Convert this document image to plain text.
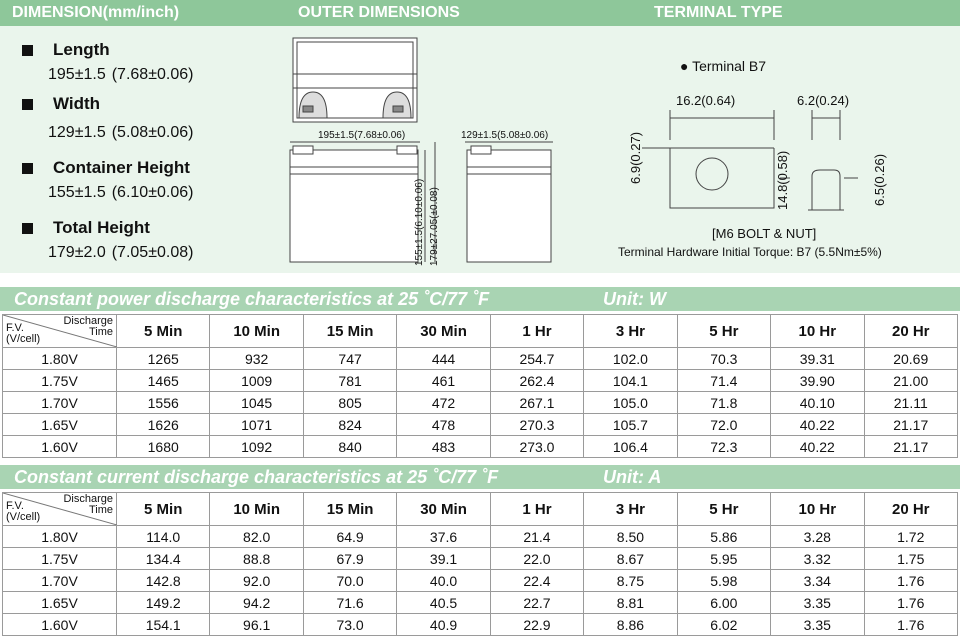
DIMENSION(mm/inch)	OUTER DIMENSIONS	TERMINAL TYPE
Length
195±1.5 (7.68±0.06)
Width
129±1.5 (5.08±0.06)
Container Height
155±1.5 (6.10±0.06)
Total Height
179±2.0 (7.05±0.08)
195±1.5(7.68±0.06)	129±1.5(5.08±0.06)
155±1.5(6.10±0.06) 179±27.05(±0.08)
● Terminal B7
16.2(0.64)	6.2(0.24)
6.9(0.27)	14.8(0.58)	6.5(0.26)
[M6 BOLT & NUT]
Terminal Hardware Initial Torque: B7 (5.5Nm±5%)
Constant power discharge characteristics at 25 ˚C/77 ˚F	Unit: W
Discharge
Time
F.V.
(V/cell)	5 Min	10 Min	15 Min	30 Min	1 Hr	3 Hr	5 Hr	10 Hr	20 Hr
1.80V	1265	932	747	444	254.7	102.0	70.3	39.31	20.69
1.75V	1465	1009	781	461	262.4	104.1	71.4	39.90	21.00
1.70V	1556	1045	805	472	267.1	105.0	71.8	40.10	21.11
1.65V	1626	1071	824	478	270.3	105.7	72.0	40.22	21.17
1.60V	1680	1092	840	483	273.0	106.4	72.3	40.22	21.17
Constant current discharge characteristics at 25 ˚C/77 ˚F	Unit: A
Discharge
Time
F.V.
(V/cell)	5 Min	10 Min	15 Min	30 Min	1 Hr	3 Hr	5 Hr	10 Hr	20 Hr
1.80V	114.0	82.0	64.9	37.6	21.4	8.50	5.86	3.28	1.72
1.75V	134.4	88.8	67.9	39.1	22.0	8.67	5.95	3.32	1.75
1.70V	142.8	92.0	70.0	40.0	22.4	8.75	5.98	3.34	1.76
1.65V	149.2	94.2	71.6	40.5	22.7	8.81	6.00	3.35	1.76
1.60V	154.1	96.1	73.0	40.9	22.9	8.86	6.02	3.35	1.76
